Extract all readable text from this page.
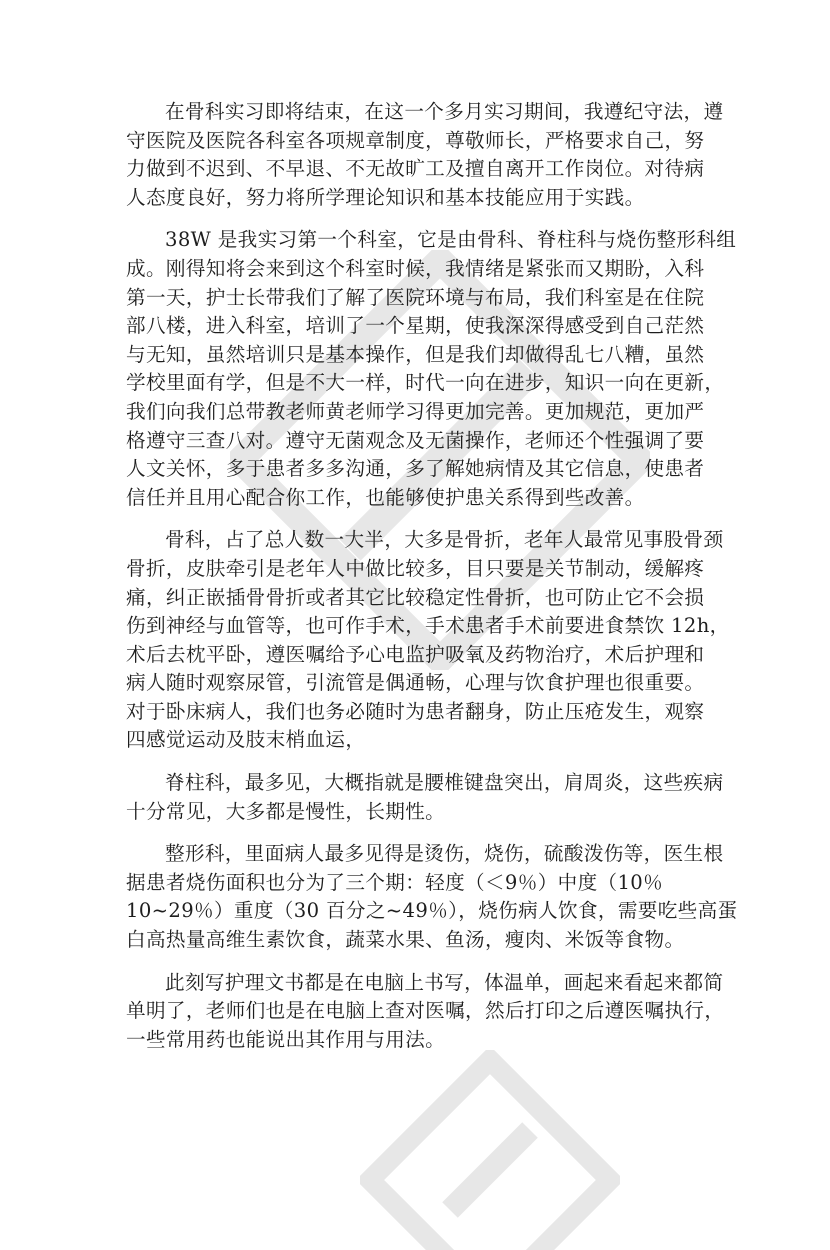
在骨科实习即将结束，在这一个多月实习期间，我遵纪守法，遵
守医院及医院各科室各项规章制度，尊敬师长，严格要求自己，努
力做到不迟到、不早退、不无故旷工及擅自离开工作岗位。对待病
人态度良好，努力将所学理论知识和基本技能应用于实践。

38W 是我实习第一个科室，它是由骨科、脊柱科与烧伤整形科组
成。刚得知将会来到这个科室时候，我情绪是紧张而又期盼，入科
第一天，护士长带我们了解了医院环境与布局，我们科室是在住院
部八楼，进入科室，培训了一个星期，使我深深得感受到自己茫然
与无知，虽然培训只是基本操作，但是我们却做得乱七八糟，虽然
学校里面有学，但是不大一样，时代一向在进步，知识一向在更新，
我们向我们总带教老师黄老师学习得更加完善。更加规范，更加严
格遵守三查八对。遵守无菌观念及无菌操作，老师还个性强调了要
人文关怀，多于患者多多沟通，多了解她病情及其它信息，使患者
信任并且用心配合你工作，也能够使护患关系得到些改善。

骨科，占了总人数一大半，大多是骨折，老年人最常见事股骨颈
骨折，皮肤牵引是老年人中做比较多，目只要是关节制动，缓解疼
痛，纠正嵌插骨骨折或者其它比较稳定性骨折，也可防止它不会损
伤到神经与血管等，也可作手术，手术患者手术前要进食禁饮 12h，
术后去枕平卧，遵医嘱给予心电监护吸氧及药物治疗，术后护理和
病人随时观察尿管，引流管是偶通畅，心理与饮食护理也很重要。
对于卧床病人，我们也务必随时为患者翻身，防止压疮发生，观察
四感觉运动及肢末梢血运，

脊柱科，最多见，大概指就是腰椎键盘突出，肩周炎，这些疾病
十分常见，大多都是慢性，长期性。

整形科，里面病人最多见得是烫伤，烧伤，硫酸泼伤等，医生根
据患者烧伤面积也分为了三个期：轻度（＜9％）中度（10％
10~29％）重度（30 百分之~49％），烧伤病人饮食，需要吃些高蛋
白高热量高维生素饮食，蔬菜水果、鱼汤，瘦肉、米饭等食物。

此刻写护理文书都是在电脑上书写，体温单，画起来看起来都简
单明了，老师们也是在电脑上查对医嘱，然后打印之后遵医嘱执行，
一些常用药也能说出其作用与用法。
